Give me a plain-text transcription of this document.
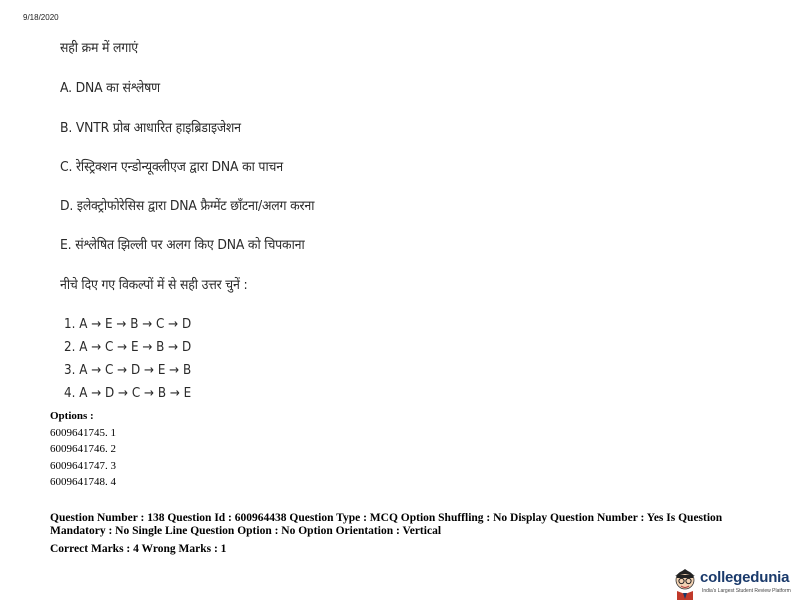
9/18/2020
सही क्रम में लगाएं
A. DNA का संश्लेषण
B. VNTR प्रोब आधारित हाइब्रिडाइजेशन
C. रेस्ट्रिक्शन एन्डोन्यूक्लीएज द्वारा DNA का पाचन
D. इलेक्ट्रोफोरेसिस द्वारा DNA फ्रैग्मेंट छाँटना/अलग करना
E. संश्लेषित झिल्ली पर अलग किए DNA को चिपकाना
नीचे दिए गए विकल्पों में से सही उत्तर चुनें :
1. A → E → B → C → D
2. A → C → E → B → D
3. A → C → D → E → B
4. A → D → C → B → E
Options :
6009641745. 1
6009641746. 2
6009641747. 3
6009641748. 4
Question Number : 138 Question Id : 600964438 Question Type : MCQ Option Shuffling : No Display Question Number : Yes Is Question Mandatory : No Single Line Question Option : No Option Orientation : Vertical
Correct Marks : 4 Wrong Marks : 1
collegedunia
India's Largest Student Review Platform
